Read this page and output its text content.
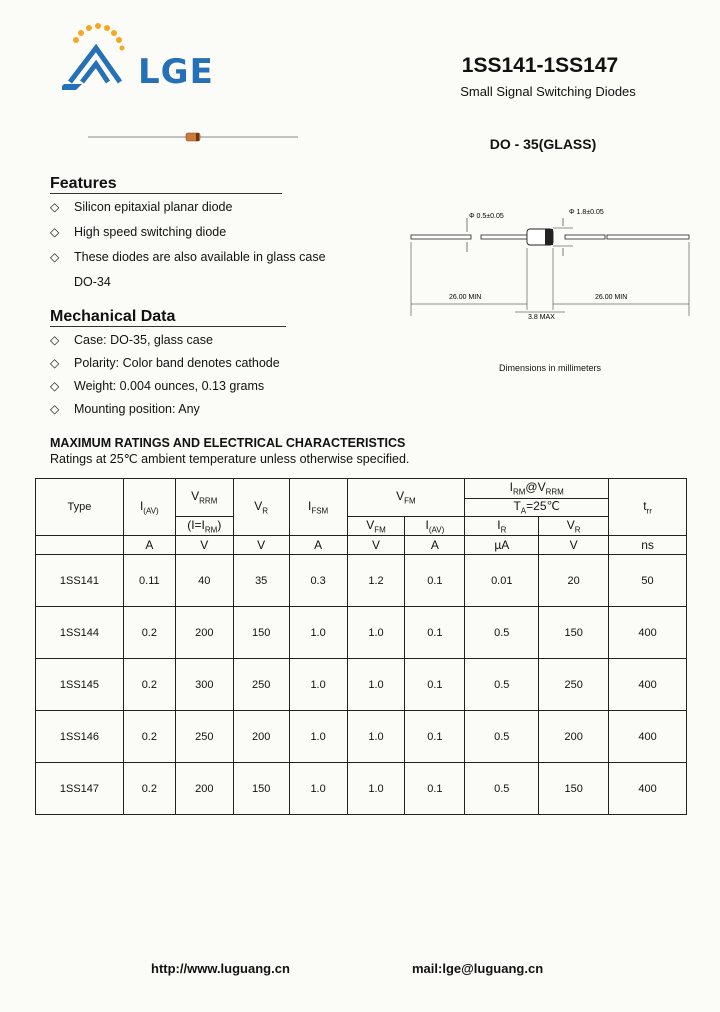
LGE	1SS141-1SS147
Small Signal Switching Diodes
DO - 35(GLASS)
Features
◇ Silicon epitaxial planar diode
◇ High speed switching diode
◇ These diodes are also available in glass case
DO-34
Mechanical Data
◇ Case: DO-35, glass case
◇ Polarity: Color band denotes cathode
◇ Weight: 0.004 ounces, 0.13 grams
◇ Mounting position: Any
Φ 0.5±0.05
Φ 1.8±0.05
26.00 MIN	26.00 MIN
3.8 MAX
Dimensions in millimeters
MAXIMUM RATINGS AND ELECTRICAL CHARACTERISTICS
Ratings at 25℃ ambient temperature unless otherwise specified.
Type	$I_{(AV)}$	$V_{RRM}$	$V_R$	$I_{FSM}$	$V_{FM}$		$I_{RM}@V_{RRM}$		$t_{rr}$
							$T_A=25℃$		
		$(I=I_{RM})$			$V_{FM}$	$I_{(AV)}$	$I_R$	$V_R$
	A	V	V	A	V	A	µA	V	ns
1SS141	0.11	40	35	0.3	1.2	0.1	0.01	20	50
1SS144	0.2	200	150	1.0	1.0	0.1	0.5	150	400
1SS145	0.2	300	250	1.0	1.0	0.1	0.5	250	400
1SS146	0.2	250	200	1.0	1.0	0.1	0.5	200	400
1SS147	0.2	200	150	1.0	1.0	0.1	0.5	150	400
http://www.luguang.cn	mail:lge@luguang.cn
